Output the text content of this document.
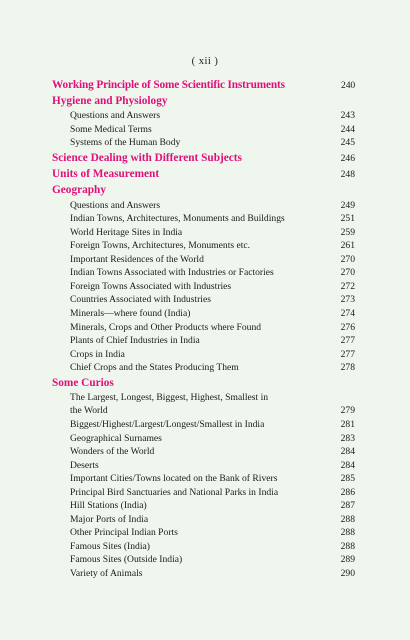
( xii )
Working Principle of Some Scientific Instruments	240
Hygiene and Physiology
Questions and Answers	243
Some Medical Terms	244
Systems of the Human Body	245
Science Dealing with Different Subjects	246
Units of Measurement	248
Geography
Questions and Answers	249
Indian Towns, Architectures, Monuments and Buildings	251
World Heritage Sites in India	259
Foreign Towns, Architectures, Monuments etc.	261
Important Residences of the World	270
Indian Towns Associated with Industries or Factories	270
Foreign Towns Associated with Industries	272
Countries Associated with Industries	273
Minerals—where found (India)	274
Minerals, Crops and Other Products where Found	276
Plants of Chief Industries in India	277
Crops in India	277
Chief Crops and the States Producing Them	278
Some Curios
The Largest, Longest, Biggest, Highest, Smallest in
the World	279
Biggest/Highest/Largest/Longest/Smallest in India	281
Geographical Surnames	283
Wonders of the World	284
Deserts	284
Important Cities/Towns located on the Bank of Rivers	285
Principal Bird Sanctuaries and National Parks in India	286
Hill Stations (India)	287
Major Ports of India	288
Other Principal Indian Ports	288
Famous Sites (India)	288
Famous Sites (Outside India)	289
Variety of Animals	290
